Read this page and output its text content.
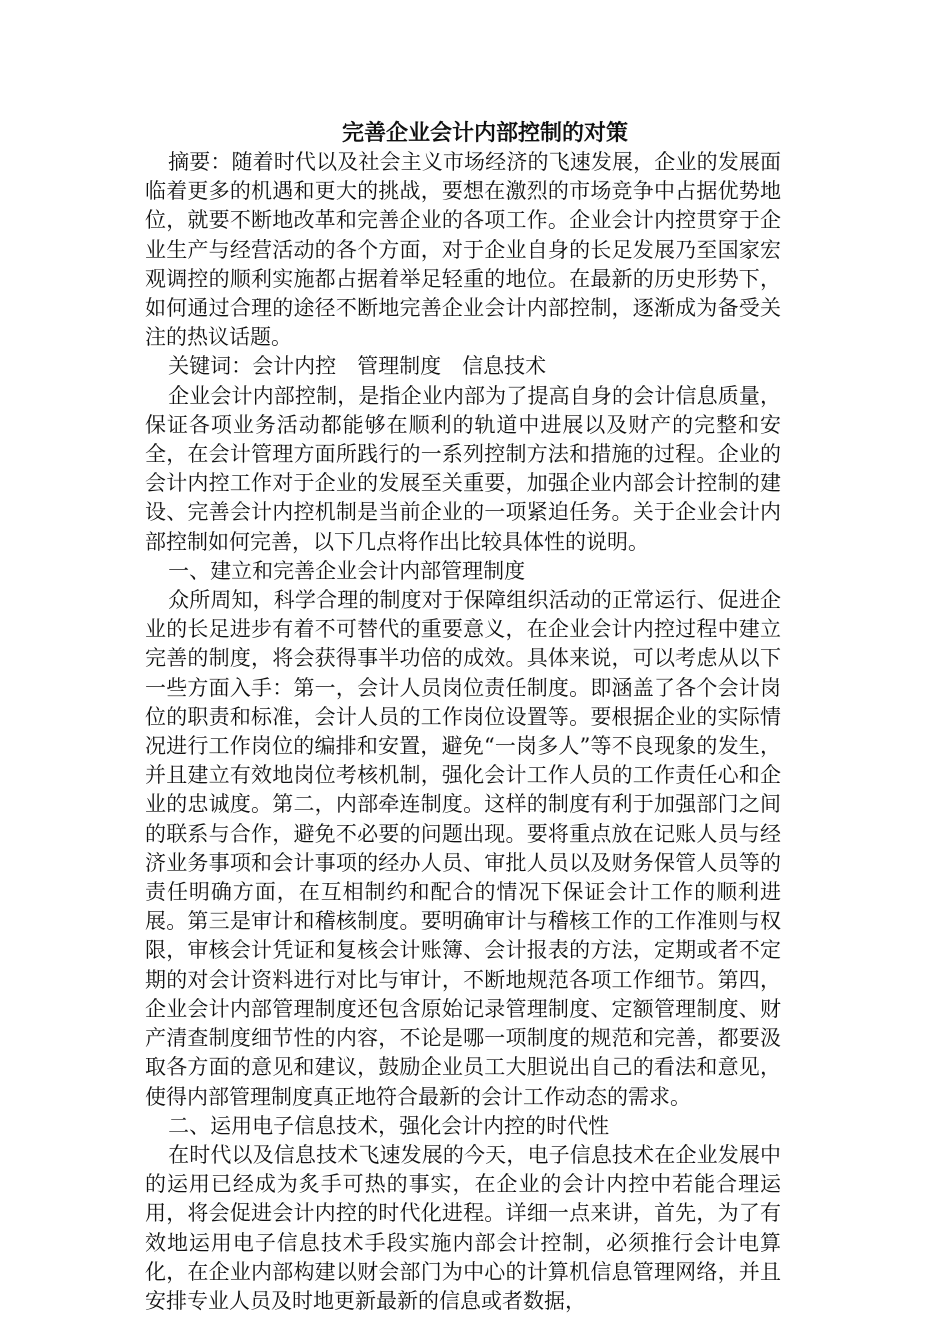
完善企业会计内部控制的对策

摘要：随着时代以及社会主义市场经济的飞速发展，企业的发展面临着更多的机遇和更大的挑战，要想在激烈的市场竞争中占据优势地位，就要不断地改革和完善企业的各项工作。企业会计内控贯穿于企业生产与经营活动的各个方面，对于企业自身的长足发展乃至国家宏观调控的顺利实施都占据着举足轻重的地位。在最新的历史形势下，如何通过合理的途径不断地完善企业会计内部控制，逐渐成为备受关注的热议话题。

关键词：会计内控　管理制度　信息技术

企业会计内部控制，是指企业内部为了提高自身的会计信息质量，保证各项业务活动都能够在顺利的轨道中进展以及财产的完整和安全，在会计管理方面所践行的一系列控制方法和措施的过程。企业的会计内控工作对于企业的发展至关重要，加强企业内部会计控制的建设、完善会计内控机制是当前企业的一项紧迫任务。关于企业会计内部控制如何完善，以下几点将作出比较具体性的说明。

一、建立和完善企业会计内部管理制度

众所周知，科学合理的制度对于保障组织活动的正常运行、促进企业的长足进步有着不可替代的重要意义，在企业会计内控过程中建立完善的制度，将会获得事半功倍的成效。具体来说，可以考虑从以下一些方面入手：第一，会计人员岗位责任制度。即涵盖了各个会计岗位的职责和标准，会计人员的工作岗位设置等。要根据企业的实际情况进行工作岗位的编排和安置，避免“一岗多人”等不良现象的发生，并且建立有效地岗位考核机制，强化会计工作人员的工作责任心和企业的忠诚度。第二，内部牵连制度。这样的制度有利于加强部门之间的联系与合作，避免不必要的问题出现。要将重点放在记账人员与经济业务事项和会计事项的经办人员、审批人员以及财务保管人员等的责任明确方面，在互相制约和配合的情况下保证会计工作的顺利进展。第三是审计和稽核制度。要明确审计与稽核工作的工作准则与权限，审核会计凭证和复核会计账簿、会计报表的方法，定期或者不定期的对会计资料进行对比与审计，不断地规范各项工作细节。第四，企业会计内部管理制度还包含原始记录管理制度、定额管理制度、财产清查制度细节性的内容，不论是哪一项制度的规范和完善，都要汲取各方面的意见和建议，鼓励企业员工大胆说出自己的看法和意见，使得内部管理制度真正地符合最新的会计工作动态的需求。

二、运用电子信息技术，强化会计内控的时代性

在时代以及信息技术飞速发展的今天，电子信息技术在企业发展中的运用已经成为炙手可热的事实，在企业的会计内控中若能合理运用，将会促进会计内控的时代化进程。详细一点来讲，首先，为了有效地运用电子信息技术手段实施内部会计控制，必须推行会计电算化，在企业内部构建以财会部门为中心的计算机信息管理网络，并且安排专业人员及时地更新最新的信息或者数据，
